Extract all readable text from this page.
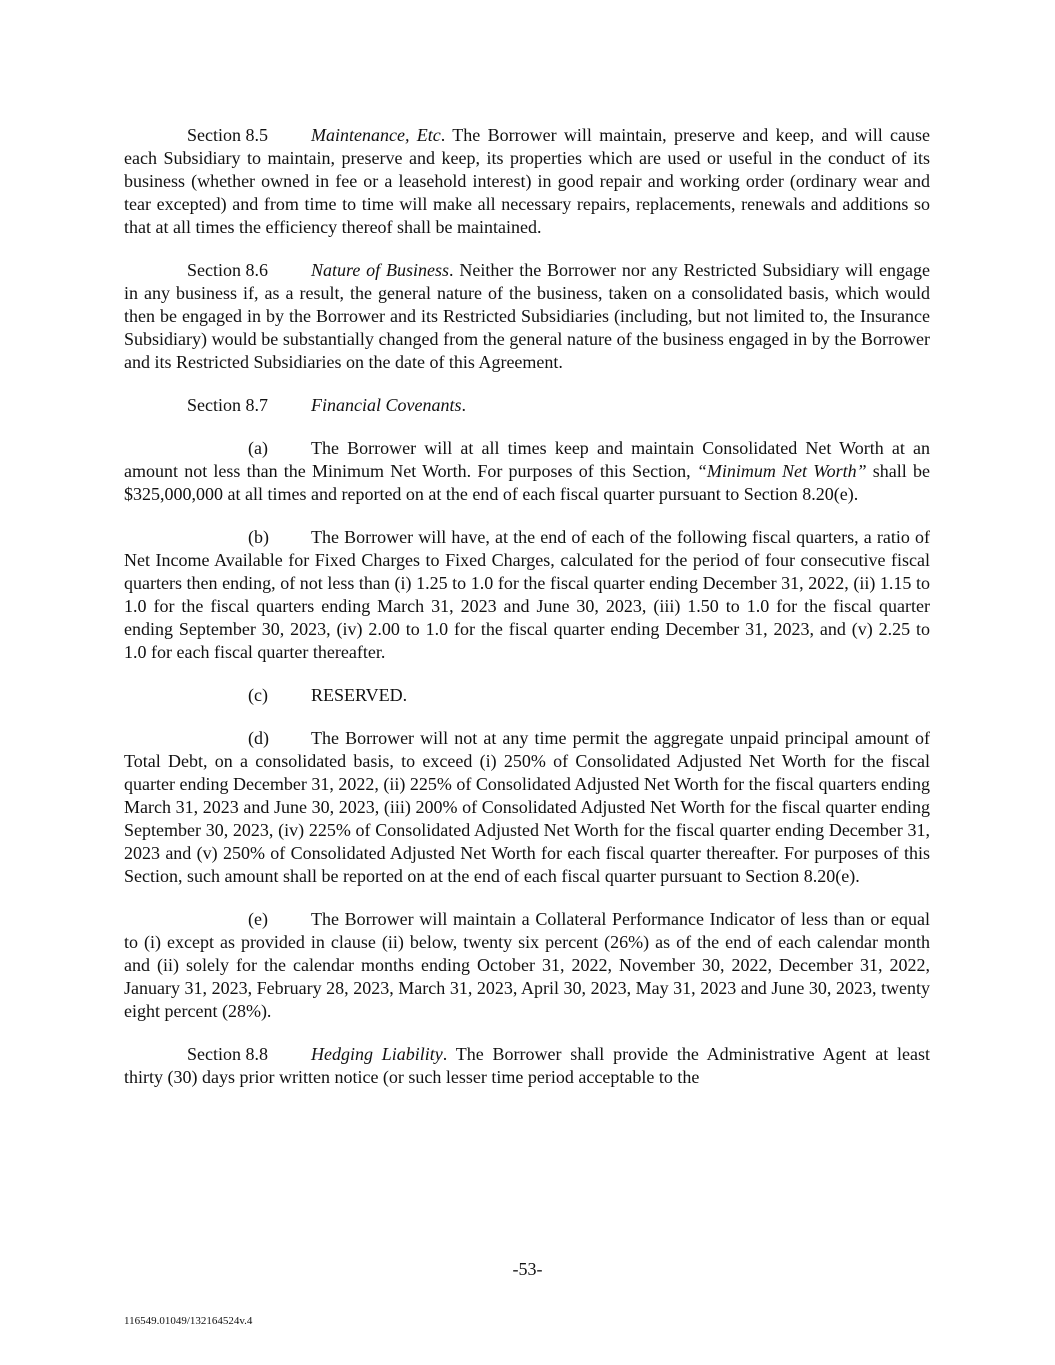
Section 8.5 Maintenance, Etc. The Borrower will maintain, preserve and keep, and will cause each Subsidiary to maintain, preserve and keep, its properties which are used or useful in the conduct of its business (whether owned in fee or a leasehold interest) in good repair and working order (ordinary wear and tear excepted) and from time to time will make all necessary repairs, replacements, renewals and additions so that at all times the efficiency thereof shall be maintained.

Section 8.6 Nature of Business. Neither the Borrower nor any Restricted Subsidiary will engage in any business if, as a result, the general nature of the business, taken on a consolidated basis, which would then be engaged in by the Borrower and its Restricted Subsidiaries (including, but not limited to, the Insurance Subsidiary) would be substantially changed from the general nature of the business engaged in by the Borrower and its Restricted Subsidiaries on the date of this Agreement.

Section 8.7 Financial Covenants.

(a) The Borrower will at all times keep and maintain Consolidated Net Worth at an amount not less than the Minimum Net Worth. For purposes of this Section, “Minimum Net Worth” shall be $325,000,000 at all times and reported on at the end of each fiscal quarter pursuant to Section 8.20(e).

(b) The Borrower will have, at the end of each of the following fiscal quarters, a ratio of Net Income Available for Fixed Charges to Fixed Charges, calculated for the period of four consecutive fiscal quarters then ending, of not less than (i) 1.25 to 1.0 for the fiscal quarter ending December 31, 2022, (ii) 1.15 to 1.0 for the fiscal quarters ending March 31, 2023 and June 30, 2023, (iii) 1.50 to 1.0 for the fiscal quarter ending September 30, 2023, (iv) 2.00 to 1.0 for the fiscal quarter ending December 31, 2023, and (v) 2.25 to 1.0 for each fiscal quarter thereafter.

(c) RESERVED.

(d) The Borrower will not at any time permit the aggregate unpaid principal amount of Total Debt, on a consolidated basis, to exceed (i) 250% of Consolidated Adjusted Net Worth for the fiscal quarter ending December 31, 2022, (ii) 225% of Consolidated Adjusted Net Worth for the fiscal quarters ending March 31, 2023 and June 30, 2023, (iii) 200% of Consolidated Adjusted Net Worth for the fiscal quarter ending September 30, 2023, (iv) 225% of Consolidated Adjusted Net Worth for the fiscal quarter ending December 31, 2023 and (v) 250% of Consolidated Adjusted Net Worth for each fiscal quarter thereafter. For purposes of this Section, such amount shall be reported on at the end of each fiscal quarter pursuant to Section 8.20(e).

(e) The Borrower will maintain a Collateral Performance Indicator of less than or equal to (i) except as provided in clause (ii) below, twenty six percent (26%) as of the end of each calendar month and (ii) solely for the calendar months ending October 31, 2022, November 30, 2022, December 31, 2022, January 31, 2023, February 28, 2023, March 31, 2023, April 30, 2023, May 31, 2023 and June 30, 2023, twenty eight percent (28%).

Section 8.8 Hedging Liability. The Borrower shall provide the Administrative Agent at least thirty (30) days prior written notice (or such lesser time period acceptable to the

-53-
116549.01049/132164524v.4
